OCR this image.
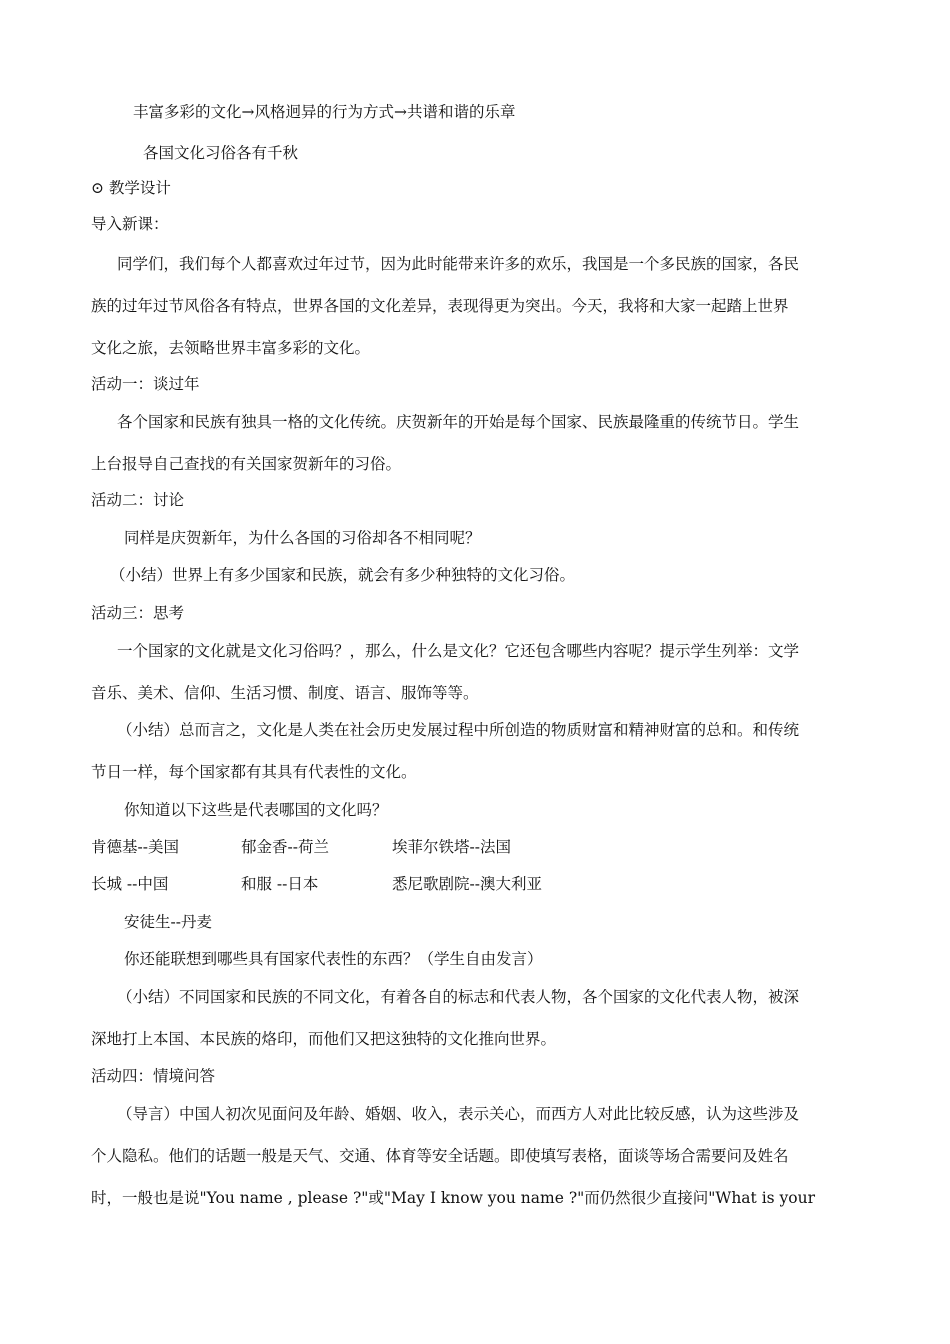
丰富多彩的文化→风格迥异的行为方式→共谱和谐的乐章
各国文化习俗各有千秋
⊙ 教学设计
导入新课：
同学们，我们每个人都喜欢过年过节，因为此时能带来许多的欢乐，我国是一个多民族的国家，各民
族的过年过节风俗各有特点，世界各国的文化差异，表现得更为突出。今天，我将和大家一起踏上世界
文化之旅，去领略世界丰富多彩的文化。
活动一：谈过年
各个国家和民族有独具一格的文化传统。庆贺新年的开始是每个国家、民族最隆重的传统节日。学生
上台报导自己查找的有关国家贺新年的习俗。
活动二：讨论
同样是庆贺新年，为什么各国的习俗却各不相同呢？
（小结）世界上有多少国家和民族，就会有多少种独特的文化习俗。
活动三：思考
一个国家的文化就是文化习俗吗？，那么，什么是文化？它还包含哪些内容呢？提示学生列举：文学
音乐、美术、信仰、生活习惯、制度、语言、服饰等等。
（小结）总而言之，文化是人类在社会历史发展过程中所创造的物质财富和精神财富的总和。和传统
节日一样，每个国家都有其具有代表性的文化。
你知道以下这些是代表哪国的文化吗？
肯德基--美国	郁金香--荷兰	埃菲尔铁塔--法国
长城 --中国	和服 --日本	悉尼歌剧院--澳大利亚
安徒生--丹麦
你还能联想到哪些具有国家代表性的东西？（学生自由发言）
（小结）不同国家和民族的不同文化，有着各自的标志和代表人物，各个国家的文化代表人物，被深
深地打上本国、本民族的烙印，而他们又把这独特的文化推向世界。
活动四：情境问答
（导言）中国人初次见面问及年龄、婚姻、收入，表示关心，而西方人对此比较反感，认为这些涉及
个人隐私。他们的话题一般是天气、交通、体育等安全话题。即使填写表格，面谈等场合需要问及姓名
时，一般也是说"You name , please ?"或"May I know you name ?"而仍然很少直接问"What is your
